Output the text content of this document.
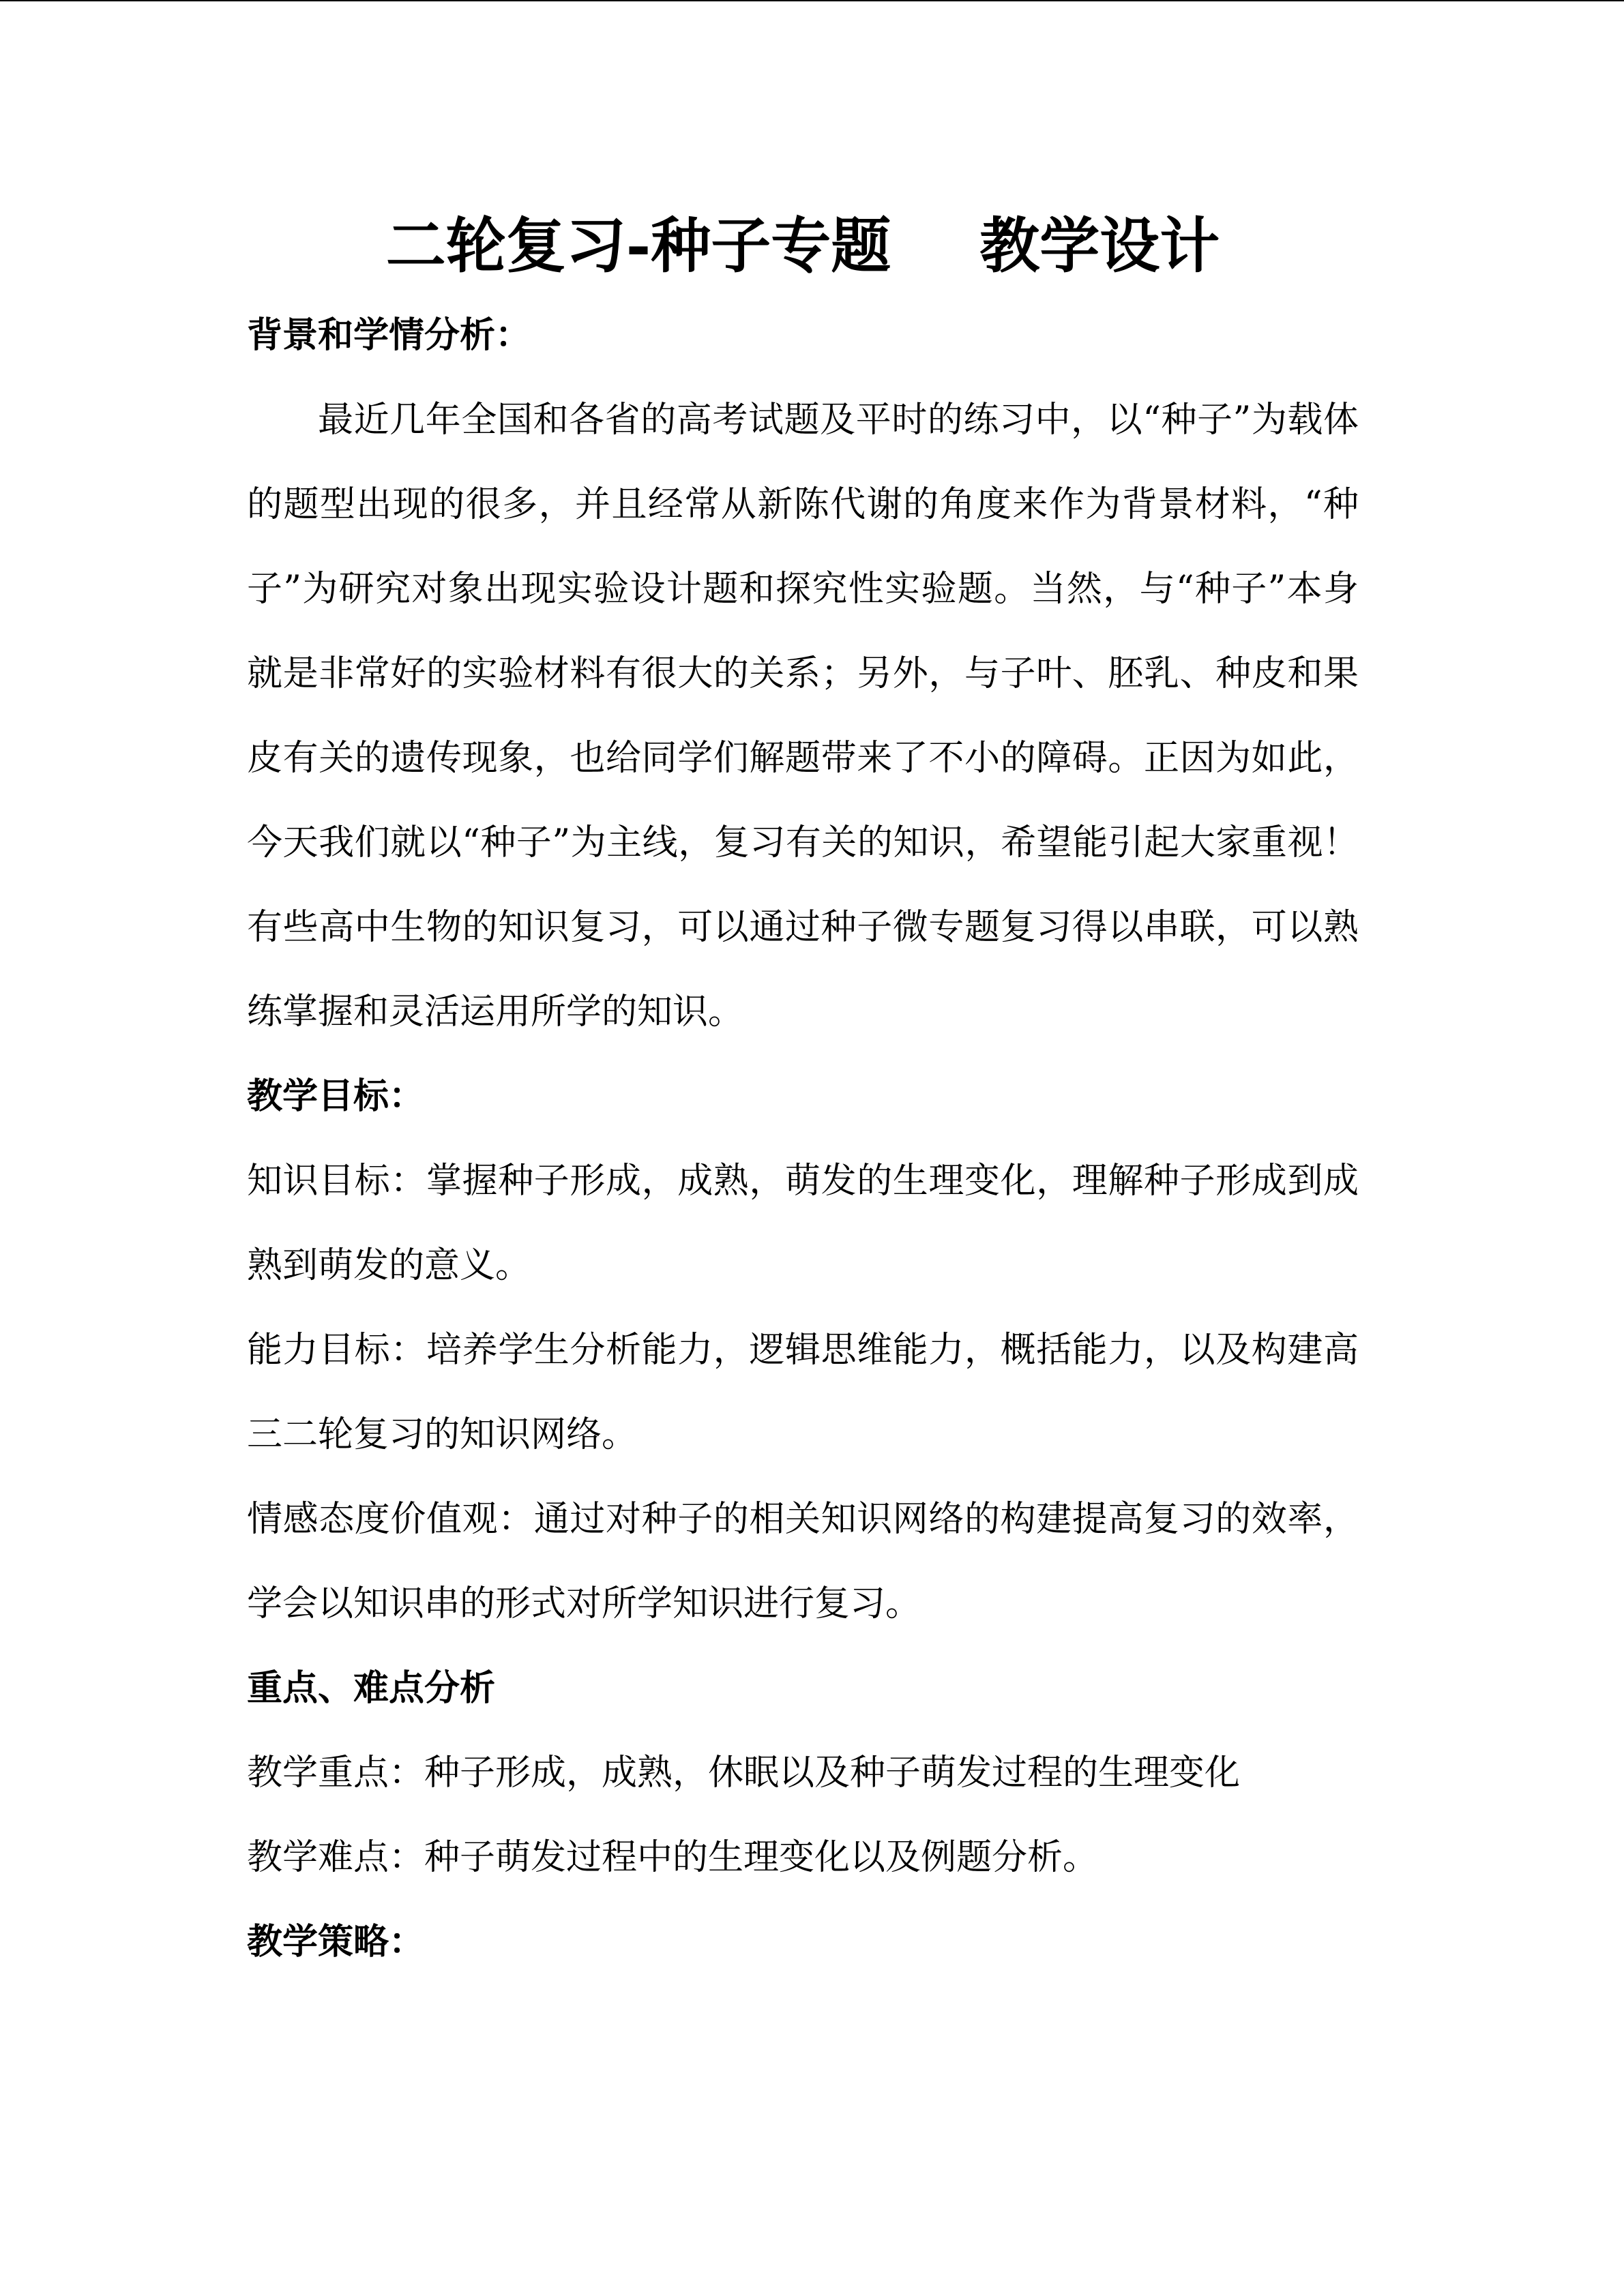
二轮复习-种子专题 教学设计

背景和学情分析：

最近几年全国和各省的高考试题及平时的练习中，以“种子”为载体的题型出现的很多，并且经常从新陈代谢的角度来作为背景材料，“种子”为研究对象出现实验设计题和探究性实验题。当然，与“种子”本身就是非常好的实验材料有很大的关系；另外，与子叶、胚乳、种皮和果皮有关的遗传现象，也给同学们解题带来了不小的障碍。正因为如此，今天我们就以“种子”为主线，复习有关的知识，希望能引起大家重视！有些高中生物的知识复习，可以通过种子微专题复习得以串联，可以熟练掌握和灵活运用所学的知识。

教学目标：

知识目标：掌握种子形成，成熟，萌发的生理变化，理解种子形成到成熟到萌发的意义。

能力目标：培养学生分析能力，逻辑思维能力，概括能力，以及构建高三二轮复习的知识网络。

情感态度价值观：通过对种子的相关知识网络的构建提高复习的效率，学会以知识串的形式对所学知识进行复习。

重点、难点分析

教学重点：种子形成，成熟，休眠以及种子萌发过程的生理变化

教学难点：种子萌发过程中的生理变化以及例题分析。

教学策略：
